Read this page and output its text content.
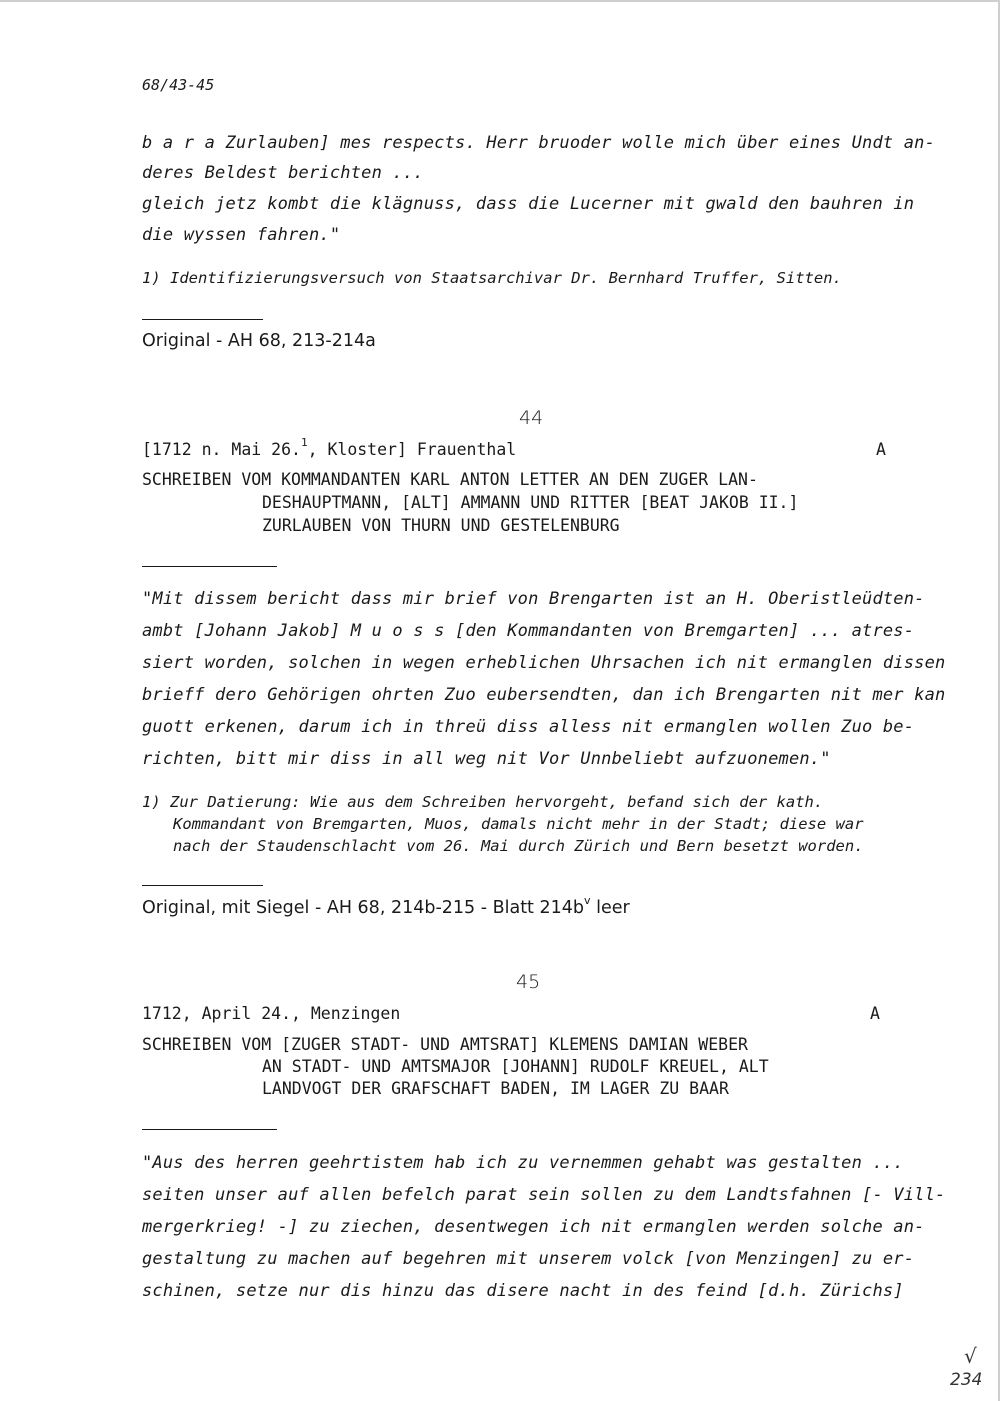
68/43-45
b a r a Zurlauben] mes respects. Herr bruoder wolle mich über eines Undt an-
deres Beldest berichten ...
gleich jetz kombt die klägnuss, dass die Lucerner mit gwald den bauhren in
die wyssen fahren."
1) Identifizierungsversuch von Staatsarchivar Dr. Bernhard Truffer, Sitten.
Original - AH 68, 213-214a
44
[1712 n. Mai 26.$^1$, Kloster] Frauenthal	A
SCHREIBEN VOM KOMMANDANTEN KARL ANTON LETTER AN DEN ZUGER LAN-
DESHAUPTMANN, [ALT] AMMANN UND RITTER [BEAT JAKOB II.]
ZURLAUBEN VON THURN UND GESTELENBURG
"Mit dissem bericht dass mir brief von Brengarten ist an H. Oberistleüdten-
ambt [Johann Jakob] M u o s s [den Kommandanten von Bremgarten] ... atres-
siert worden, solchen in wegen erheblichen Uhrsachen ich nit ermanglen dissen
brieff dero Gehörigen ohrten Zuo eubersendten, dan ich Brengarten nit mer kan
guott erkenen, darum ich in threü diss alless nit ermanglen wollen Zuo be-
richten, bitt mir diss in all weg nit Vor Unnbeliebt aufzuonemen."
1) Zur Datierung: Wie aus dem Schreiben hervorgeht, befand sich der kath.
Kommandant von Bremgarten, Muos, damals nicht mehr in der Stadt; diese war
nach der Staudenschlacht vom 26. Mai durch Zürich und Bern besetzt worden.
Original, mit Siegel - AH 68, 214b-215 - Blatt $214b^v$ leer
45
1712, April 24., Menzingen	A
SCHREIBEN VOM [ZUGER STADT- UND AMTSRAT] KLEMENS DAMIAN WEBER
AN STADT- UND AMTSMAJOR [JOHANN] RUDOLF KREUEL, ALT
LANDVOGT DER GRAFSCHAFT BADEN, IM LAGER ZU BAAR
"Aus des herren geehrtistem hab ich zu vernemmen gehabt was gestalten ...
seiten unser auf allen befelch parat sein sollen zu dem Landtsfahnen [- Vill-
mergerkrieg! -] zu ziechen, desentwegen ich nit ermanglen werden solche an-
gestaltung zu machen auf begehren mit unserem volck [von Menzingen] zu er-
schinen, setze nur dis hinzu das disere nacht in des feind [d.h. Zürichs]
√
234
